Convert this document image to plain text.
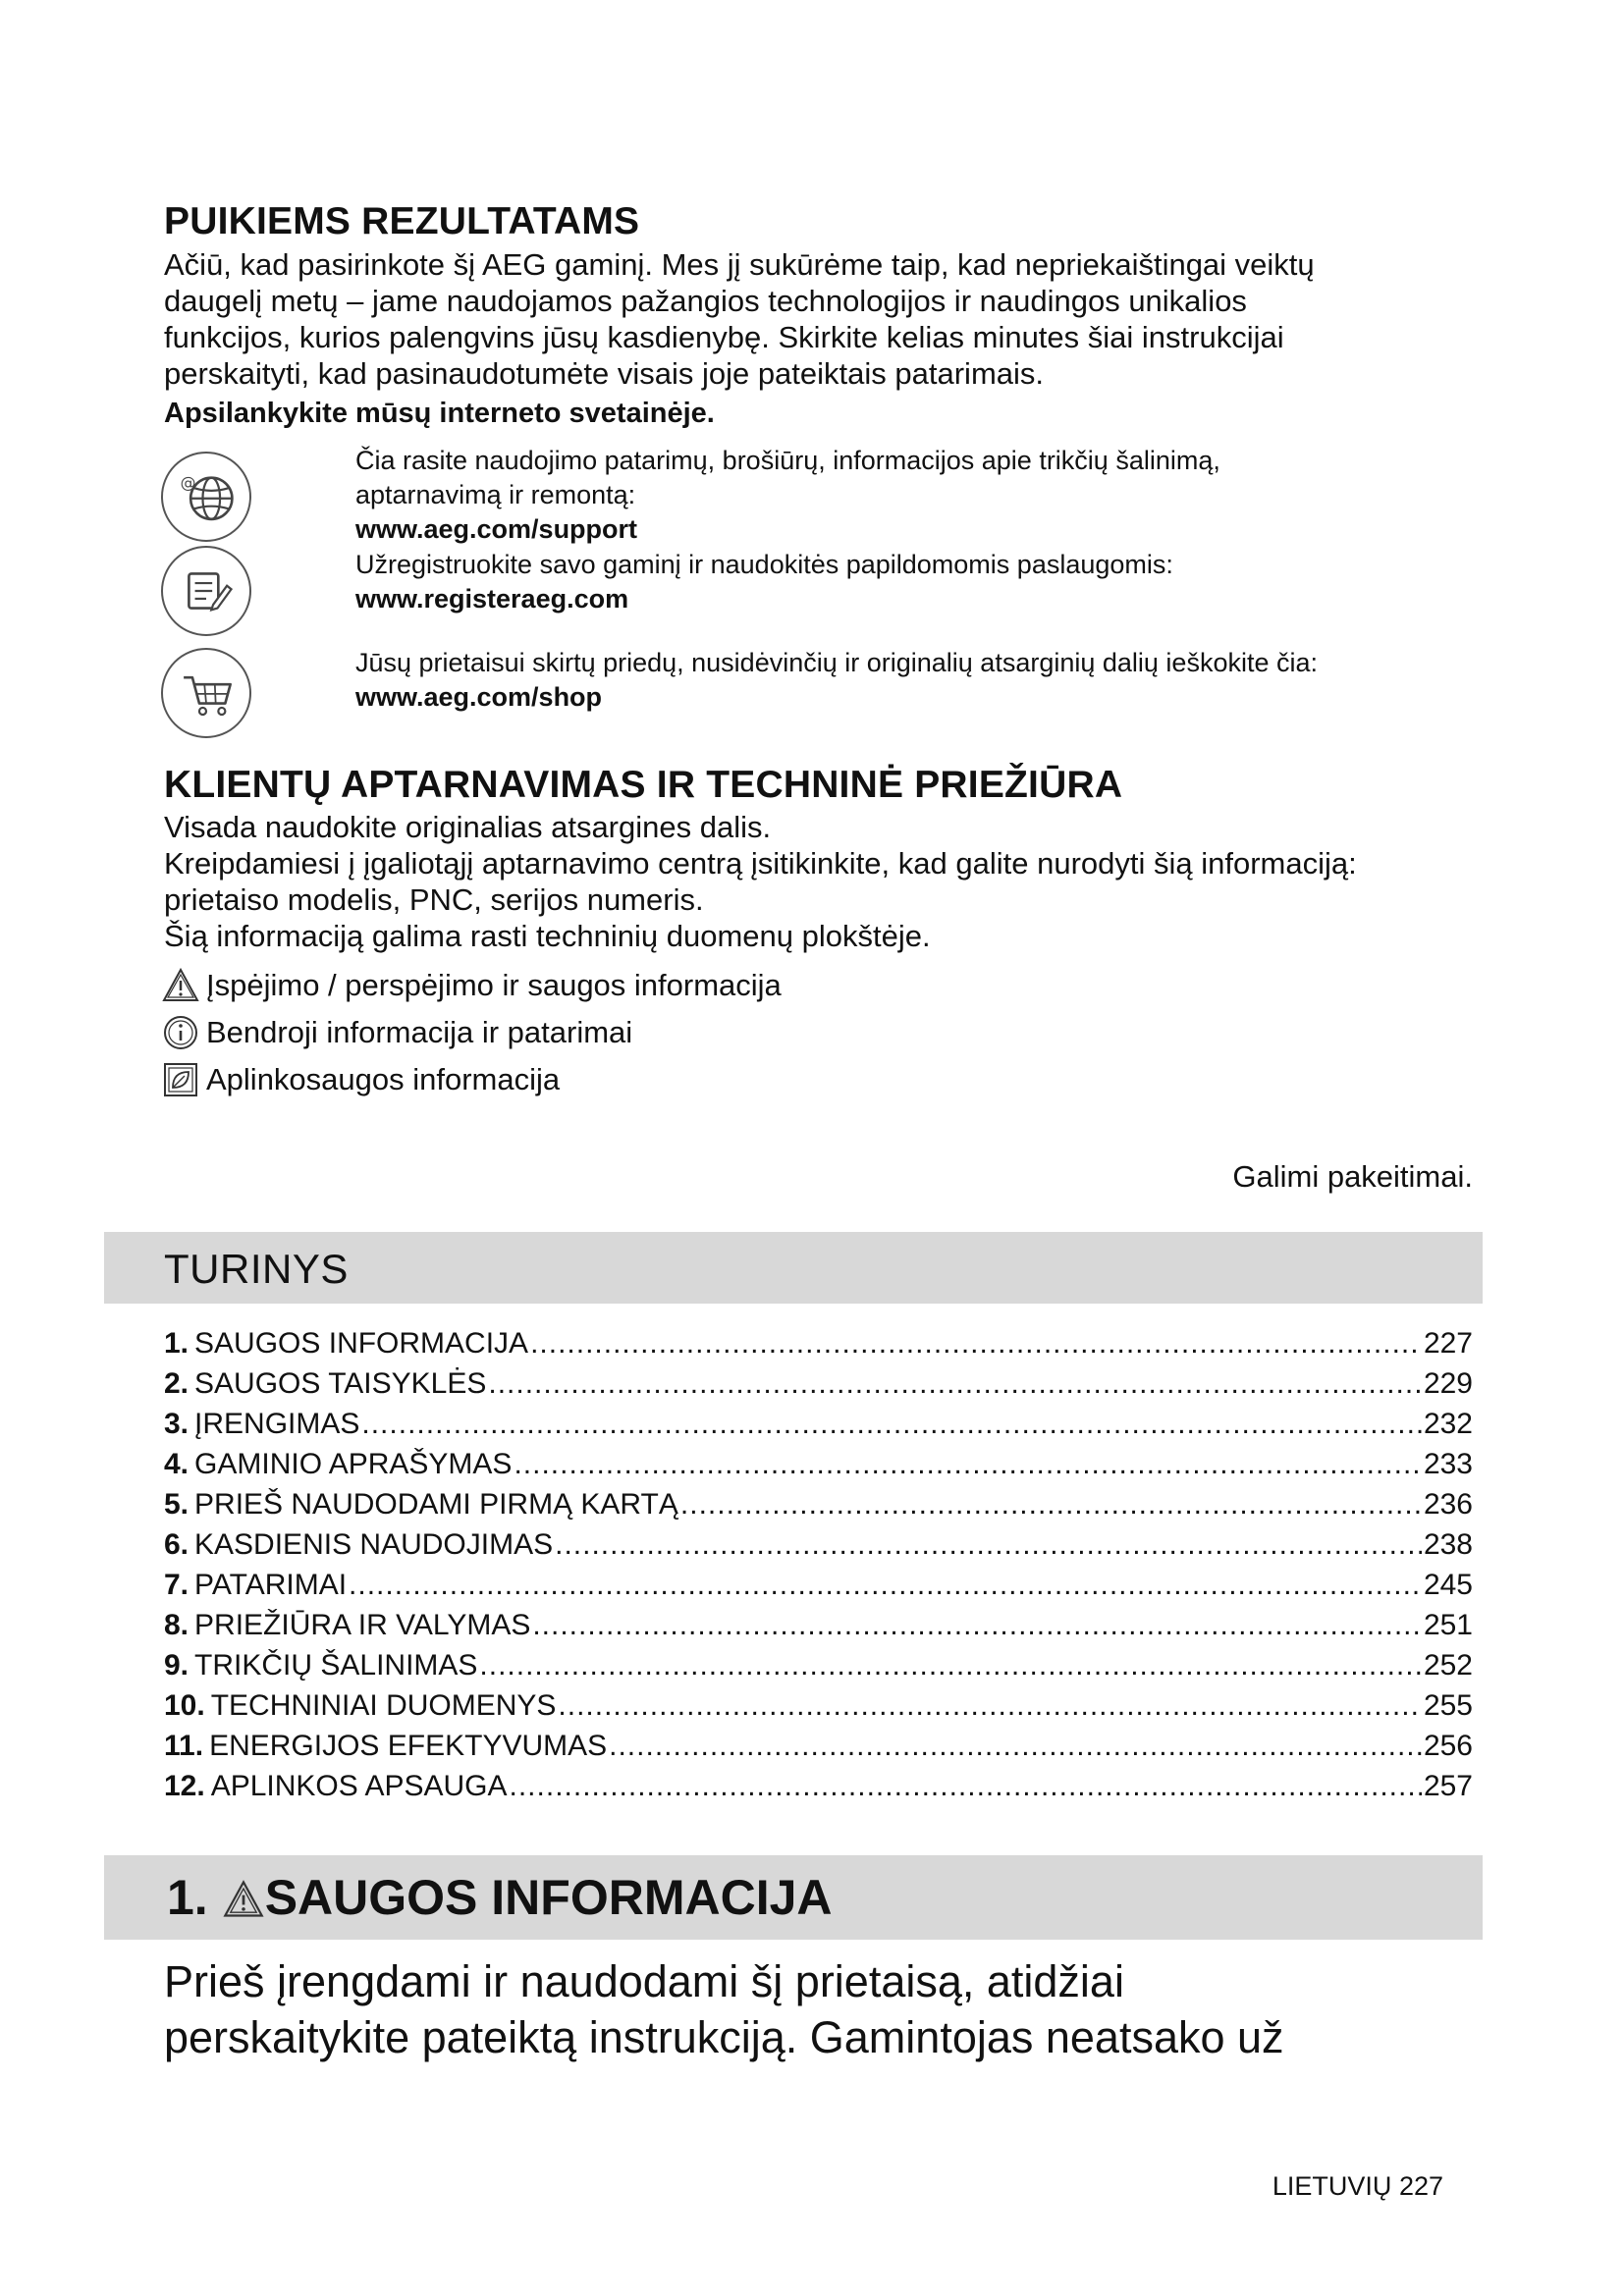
PUIKIEMS REZULTATAMS

Ačiū, kad pasirinkote šį AEG gaminį. Mes jį sukūrėme taip, kad nepriekaištingai veiktų

daugelį metų – jame naudojamos pažangios technologijos ir naudingos unikalios

funkcijos, kurios palengvins jūsų kasdienybę. Skirkite kelias minutes šiai instrukcijai

perskaityti, kad pasinaudotumėte visais joje pateiktais patarimais.

Apsilankykite mūsų interneto svetainėje.
@
Čia rasite naudojimo patarimų, brošiūrų, informacijos apie trikčių šalinimą,
aptarnavimą ir remontą:
www.aeg.com/support
Užregistruokite savo gaminį ir naudokitės papildomomis paslaugomis:
www.registeraeg.com
Jūsų prietaisui skirtų priedų, nusidėvinčių ir originalių atsarginių dalių ieškokite čia:
www.aeg.com/shop
KLIENTŲ APTARNAVIMAS IR TECHNINĖ PRIEŽIŪRA

Visada naudokite originalias atsargines dalis.

Kreipdamiesi į įgaliotąjį aptarnavimo centrą įsitikinkite, kad galite nurodyti šią informaciją:

prietaiso modelis, PNC, serijos numeris.

Šią informaciją galima rasti techninių duomenų plokštėje.

Įspėjimo / perspėjimo ir saugos informacija
Bendroji informacija ir patarimai
Aplinkosaugos informacija
Galimi pakeitimai.
TURINYS
1. SAUGOS INFORMACIJA .....	227
2. SAUGOS TAISYKLĖS .....	229
3. ĮRENGIMAS .....	232
4. GAMINIO APRAŠYMAS .....	233
5. PRIEŠ NAUDODAMI PIRMĄ KARTĄ .....	236
6. KASDIENIS NAUDOJIMAS .....	238
7. PATARIMAI .....	245
8. PRIEŽIŪRA IR VALYMAS .....	251
9. TRIKČIŲ ŠALINIMAS .....	252
10. TECHNINIAI DUOMENYS .....	255
11. ENERGIJOS EFEKTYVUMAS .....	256
12. APLINKOS APSAUGA .....	257
1. SAUGOS INFORMACIJA
Prieš įrengdami ir naudodami šį prietaisą, atidžiai
perskaitykite pateiktą instrukciją. Gamintojas neatsako už
LIETUVIŲ 227
